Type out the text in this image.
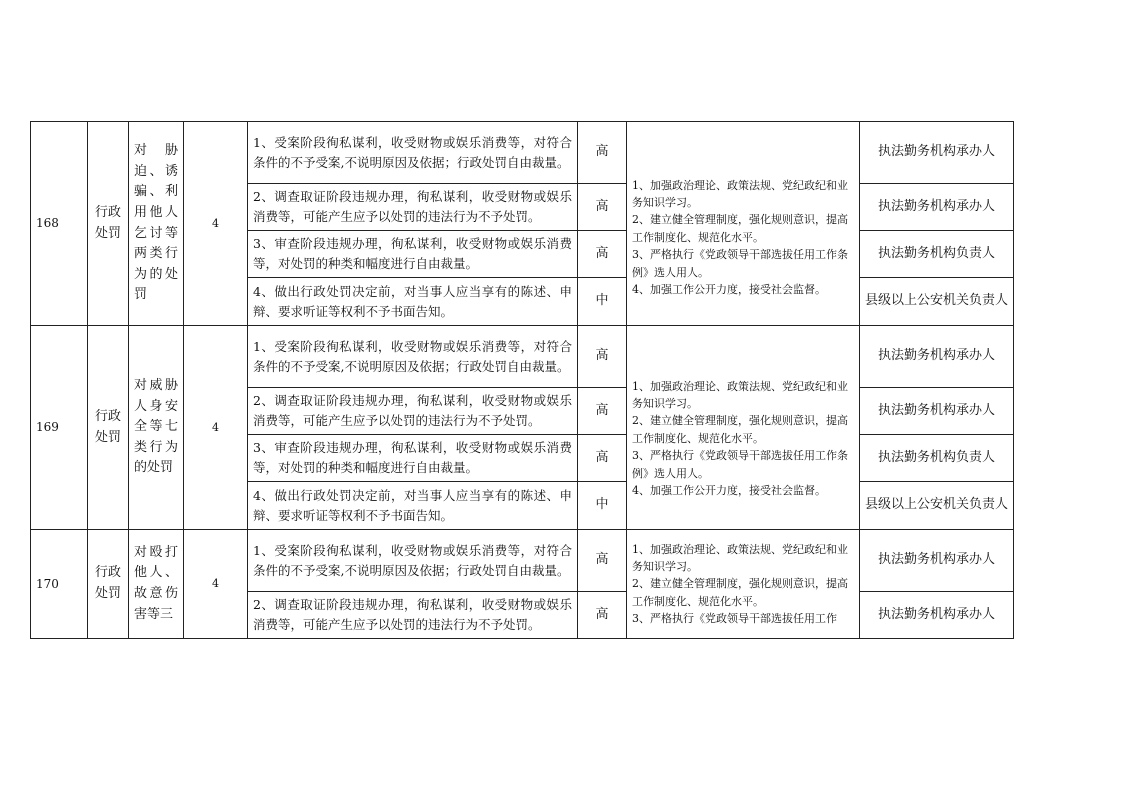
168	行政处罚	对胁迫、诱骗、利用他人乞讨等两类行为的处罚	4	1、受案阶段徇私谋利，收受财物或娱乐消费等，对符合条件的不予受案,不说明原因及依据；行政处罚自由裁量。	高	1、加强政治理论、政策法规、党纪政纪和业务知识学习。
2、建立健全管理制度，强化规则意识，提高工作制度化、规范化水平。
3、严格执行《党政领导干部选拔任用工作条例》选人用人。
4、加强工作公开力度，接受社会监督。	执法勤务机构承办人
				2、调查取证阶段违规办理，徇私谋利，收受财物或娱乐消费等，可能产生应予以处罚的违法行为不予处罚。	高		执法勤务机构承办人
				3、审查阶段违规办理，徇私谋利，收受财物或娱乐消费等，对处罚的种类和幅度进行自由裁量。	高		执法勤务机构负责人
				4、做出行政处罚决定前，对当事人应当享有的陈述、申辩、要求听证等权利不予书面告知。	中		县级以上公安机关负责人
169	行政处罚	对威胁人身安全等七类行为的处罚	4	1、受案阶段徇私谋利，收受财物或娱乐消费等，对符合条件的不予受案,不说明原因及依据；行政处罚自由裁量。	高	1、加强政治理论、政策法规、党纪政纪和业务知识学习。
2、建立健全管理制度，强化规则意识，提高工作制度化、规范化水平。
3、严格执行《党政领导干部选拔任用工作条例》选人用人。
4、加强工作公开力度，接受社会监督。	执法勤务机构承办人
				2、调查取证阶段违规办理，徇私谋利，收受财物或娱乐消费等，可能产生应予以处罚的违法行为不予处罚。	高		执法勤务机构承办人
				3、审查阶段违规办理，徇私谋利，收受财物或娱乐消费等，对处罚的种类和幅度进行自由裁量。	高		执法勤务机构负责人
				4、做出行政处罚决定前，对当事人应当享有的陈述、申辩、要求听证等权利不予书面告知。	中		县级以上公安机关负责人
170	行政处罚	对殴打他人、故意伤害等三	4	1、受案阶段徇私谋利，收受财物或娱乐消费等，对符合条件的不予受案,不说明原因及依据；行政处罚自由裁量。	高	1、加强政治理论、政策法规、党纪政纪和业务知识学习。
2、建立健全管理制度，强化规则意识，提高工作制度化、规范化水平。
3、严格执行《党政领导干部选拔任用工作	执法勤务机构承办人
				2、调查取证阶段违规办理，徇私谋利，收受财物或娱乐消费等，可能产生应予以处罚的违法行为不予处罚。	高		执法勤务机构承办人
